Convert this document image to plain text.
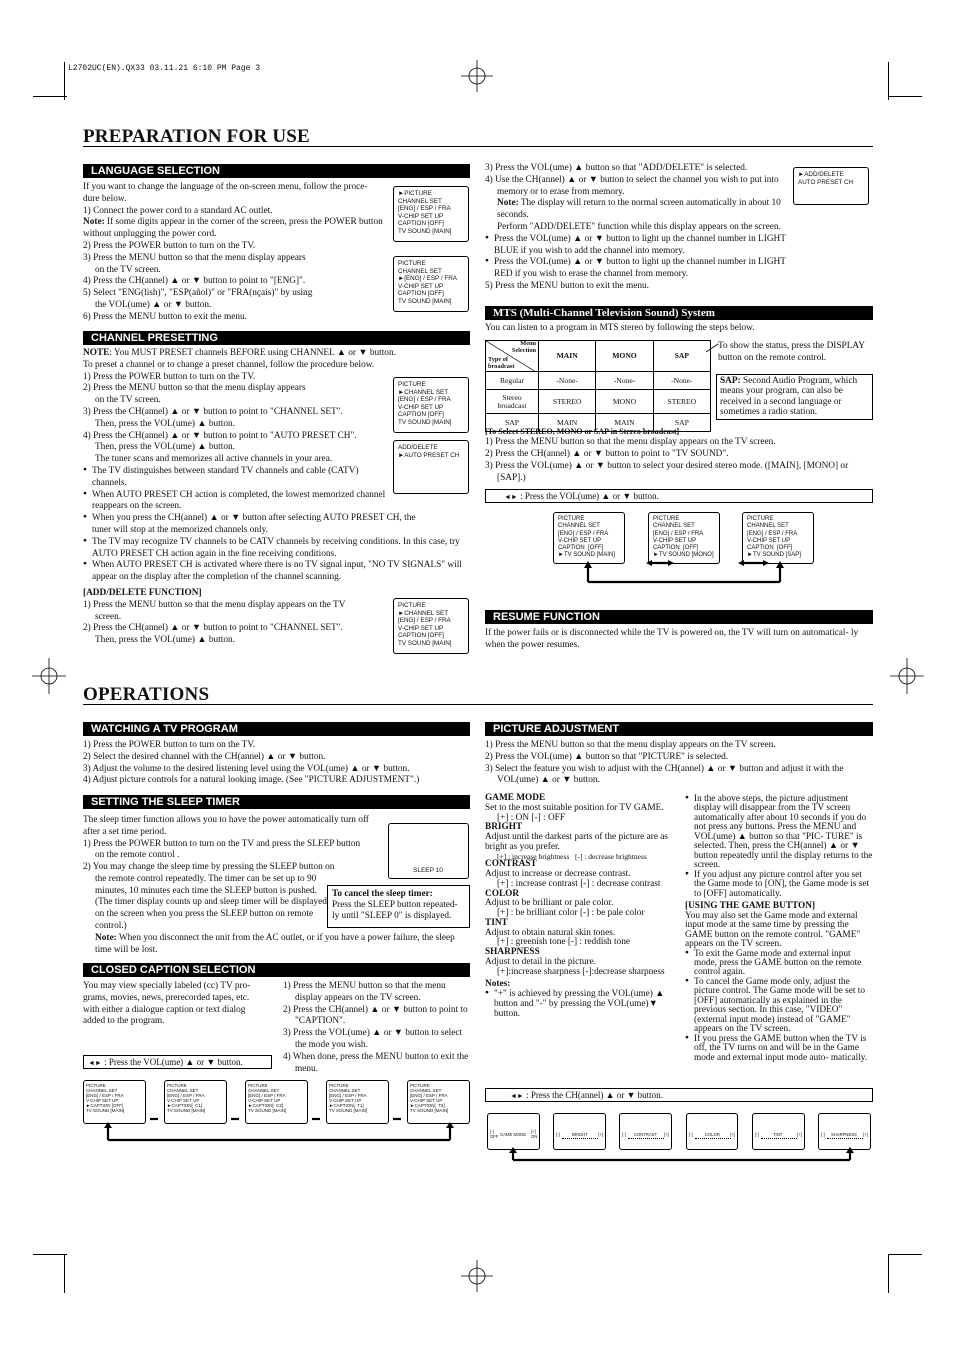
L2702UC(EN).QX33 03.11.21 6:10 PM Page 3
PREPARATION FOR USE
LANGUAGE SELECTION

If you want to change the language of the on-screen menu, follow the proce- dure below.

1) Connect the power cord to a standard AC outlet.

Note: If some digits appear in the corner of the screen, press the POWER button without unplugging the power cord.

2) Press the POWER button to turn on the TV.

3) Press the MENU button so that the menu display appears

on the TV screen.

4) Press the CH(annel) ▲ or ▼ button to point to "[ENG]".

5) Select "ENG(lish)", "ESP(añol)" or "FRA(nçais)" by using

the VOL(ume) ▲ or ▼ button.

6) Press the MENU button to exit the menu.

►PICTURE
CHANNEL SET
[ENG] / ESP / FRA
V-CHIP SET UP
CAPTION [OFF]
TV SOUND [MAIN]
PICTURE
CHANNEL SET
►[ENG] / ESP / FRA
V-CHIP SET UP
CAPTION [OFF]
TV SOUND [MAIN]
CHANNEL PRESETTING

NOTE: You MUST PRESET channels BEFORE using CHANNEL ▲ or ▼ button.

To preset a channel or to change a preset channel, follow the procedure below.

1) Press the POWER button to turn on the TV.

2) Press the MENU button so that the menu display appears

on the TV screen.

3) Press the CH(annel) ▲ or ▼ button to point to "CHANNEL SET".

Then, press the VOL(ume) ▲ button.

4) Press the CH(annel) ▲ or ▼ button to point to "AUTO PRESET CH".

Then, press the VOL(ume) ▲ button.

The tuner scans and memorizes all active channels in your area.

● The TV distinguishes between standard TV channels and cable (CATV) channels.

● When AUTO PRESET CH action is completed, the lowest memorized channel reappears on the screen.

● When you press the CH(annel) ▲ or ▼ button after selecting AUTO PRESET CH, the tuner will stop at the memorized channels only.

● The TV may recognize TV channels to be CATV channels by receiving conditions. In this case, try AUTO PRESET CH action again in the fine receiving conditions.

● When AUTO PRESET CH is activated where there is no TV signal input, "NO TV SIGNALS" will appear on the display after the completion of the channel scanning.

[ADD/DELETE FUNCTION]

1) Press the MENU button so that the menu display appears on the TV

screen.

2) Press the CH(annel) ▲ or ▼ button to point to "CHANNEL SET".

Then, press the VOL(ume) ▲ button.

PICTURE
►CHANNEL SET
[ENG] / ESP / FRA
V-CHIP SET UP
CAPTION [OFF]
TV SOUND [MAIN]
ADD/DELETE
►AUTO PRESET CH
PICTURE
►CHANNEL SET
[ENG] / ESP / FRA
V-CHIP SET UP
CAPTION [OFF]
TV SOUND [MAIN]

3) Press the VOL(ume) ▲ button so that "ADD/DELETE" is selected.

4) Use the CH(annel) ▲ or ▼ button to select the channel you wish to put into memory or to erase from memory.

Note: The display will return to the normal screen automatically in about 10 seconds.

Perform "ADD/DELETE" function while this display appears on the screen.

● Press the VOL(ume) ▲ or ▼ button to light up the channel number in LIGHT BLUE if you wish to add the channel into memory.

● Press the VOL(ume) ▲ or ▼ button to light up the channel number in LIGHT RED if you wish to erase the channel from memory.

5) Press the MENU button to exit the menu.

►ADD/DELETE
AUTO PRESET CH
MTS (Multi-Channel Television Sound) System
You can listen to a program in MTS stereo by following the steps below.
Menu Selection
Type of broadcast	MAIN	MONO	SAP
Regular	-None-	-None-	-None-
Stereo broadcast	STEREO	MONO	STEREO
SAP	MAIN	MAIN	SAP
To show the status, press the DISPLAY button on the remote control.
SAP: Second Audio Program, which means your program, can also be received in a second language or sometimes a radio station.

[To Select STEREO, MONO or SAP in Stereo broadcast]

1) Press the MENU button so that the menu display appears on the TV screen.

2) Press the CH(annel) ▲ or ▼ button to point to "TV SOUND".

3) Press the VOL(ume) ▲ or ▼ button to select your desired stereo mode. ([MAIN], [MONO] or [SAP].)

◄► : Press the VOL(ume) ▲ or ▼ button.
PICTURE
CHANNEL SET
[ENG] / ESP / FRA
V-CHIP SET UP
CAPTION  [OFF]
►TV SOUND [MAIN]
PICTURE
CHANNEL SET
[ENG] / ESP / FRA
V-CHIP SET UP
CAPTION  [OFF]
►TV SOUND [MONO]
PICTURE
CHANNEL SET
[ENG] / ESP / FRA
V-CHIP SET UP
CAPTION  [OFF]
►TV SOUND [SAP]
RESUME FUNCTION
If the power fails or is disconnected while the TV is powered on, the TV will turn on automatical- ly when the power resumes.
OPERATIONS
WATCHING A TV PROGRAM

1) Press the POWER button to turn on the TV.

2) Select the desired channel with the CH(annel) ▲ or ▼ button.

3) Adjust the volume to the desired listening level using the VOL(ume) ▲ or ▼ button.

4) Adjust picture controls for a natural looking image. (See "PICTURE ADJUSTMENT".)

SETTING THE SLEEP TIMER

The sleep timer function allows you to have the power automatically turn off after a set time period.

1) Press the POWER button to turn on the TV and press the SLEEP button

on the remote control .

2) You may change the sleep time by pressing the SLEEP button on the remote control repeatedly. The timer can be set up to 90 minutes, 10 minutes each time the SLEEP button is pushed. (The timer display counts up and sleep timer will be displayed on the screen when you press the SLEEP button on remote control.)
Note: When you disconnect the unit from the AC outlet, or if you have a power failure, the sleep time will be lost.
SLEEP 10
To cancel the sleep timer:
Press the SLEEP button repeated- ly until "SLEEP 0" is displayed.
CLOSED CAPTION SELECTION
You may view specially labeled (cc) TV pro- grams, movies, news, prerecorded tapes, etc. with either a dialogue caption or text dialog added to the program.

1) Press the MENU button so that the menu display appears on the TV screen.

2) Press the CH(annel) ▲ or ▼ button to point to "CAPTION".

3) Press the VOL(ume) ▲ or ▼ button to select the mode you wish.

4) When done, press the MENU button to exit the menu.

◄► : Press the VOL(ume) ▲ or ▼ button.
PICTURE
CHANNEL SET
[ENG] / ESP / FRA
V-CHIP SET UP
►CAPTION [OFF]
TV SOUND [MAIN]
PICTURE
CHANNEL SET
[ENG] / ESP / FRA
V-CHIP SET UP
►CAPTION[  C1]
TV SOUND [MAIN]
PICTURE
CHANNEL SET
[ENG] / ESP / FRA
V-CHIP SET UP
►CAPTION[  C2]
TV SOUND [MAIN]
PICTURE
CHANNEL SET
[ENG] / ESP / FRA
V-CHIP SET UP
►CAPTION[  T1]
TV SOUND [MAIN]
PICTURE
CHANNEL SET
[ENG] / ESP / FRA
V-CHIP SET UP
►CAPTION[  T2]
TV SOUND [MAIN]
PICTURE ADJUSTMENT

1) Press the MENU button so that the menu display appears on the TV screen.

2) Press the VOL(ume) ▲ button so that "PICTURE" is selected.

3) Select the feature you wish to adjust with the CH(annel) ▲ or ▼ button and adjust it with the VOL(ume) ▲ or ▼ button.

GAME MODE

Set to the most suitable position for TV GAME.

[+] : ON [-] : OFF

BRIGHT

Adjust until the darkest parts of the picture are as bright as you prefer.

[+] : increase brightness [-] : decrease brightness

CONTRAST

Adjust to increase or decrease contrast.

[+] : increase contrast [-] : decrease contrast

COLOR

Adjust to be brilliant or pale color.

[+] : be brilliant color [-] : be pale color

TINT

Adjust to obtain natural skin tones.

[+] : greenish tone [-] : reddish tone

SHARPNESS

Adjust to detail in the picture.

[+]:increase sharpness [-]:decrease sharpness

Notes:

● "+" is achieved by pressing the VOL(ume) ▲ button and "-" by pressing the VOL(ume)▼ button.

● In the above steps, the picture adjustment display will disappear from the TV screen automatically after about 10 seconds if you do not press any buttons. Press the MENU and VOL(ume) ▲ button so that "PIC- TURE" is selected. Then, press the CH(annel) ▲ or ▼ button repeatedly until the display returns to the screen.

● If you adjust any picture control after you set the Game mode to [ON], the Game mode is set to [OFF] automatically.

[USING THE GAME BUTTON]

You may also set the Game mode and external input mode at the same time by pressing the GAME button on the remote control. "GAME" appears on the TV screen.

● To exit the Game mode and external input mode, press the GAME button on the remote control again.

● To cancel the Game mode only, adjust the picture control. The Game mode will be set to [OFF] automatically as explained in the previous section. In this case, "VIDEO" (external input mode) instead of "GAME" appears on the TV screen.

● If you press the GAME button when the TV is off, the TV turns on and will be in the Game mode and external input mode auto- matically.

◄► : Press the CH(annel) ▲ or ▼ button.
[-] OFF GAME MODE
[+] ON	[-]	BRIGHT [+]	[-] CONTRAST [+]	[-]	COLOR [+]	[-]	TINT	[+]	[-] SHARPNESS [+]
